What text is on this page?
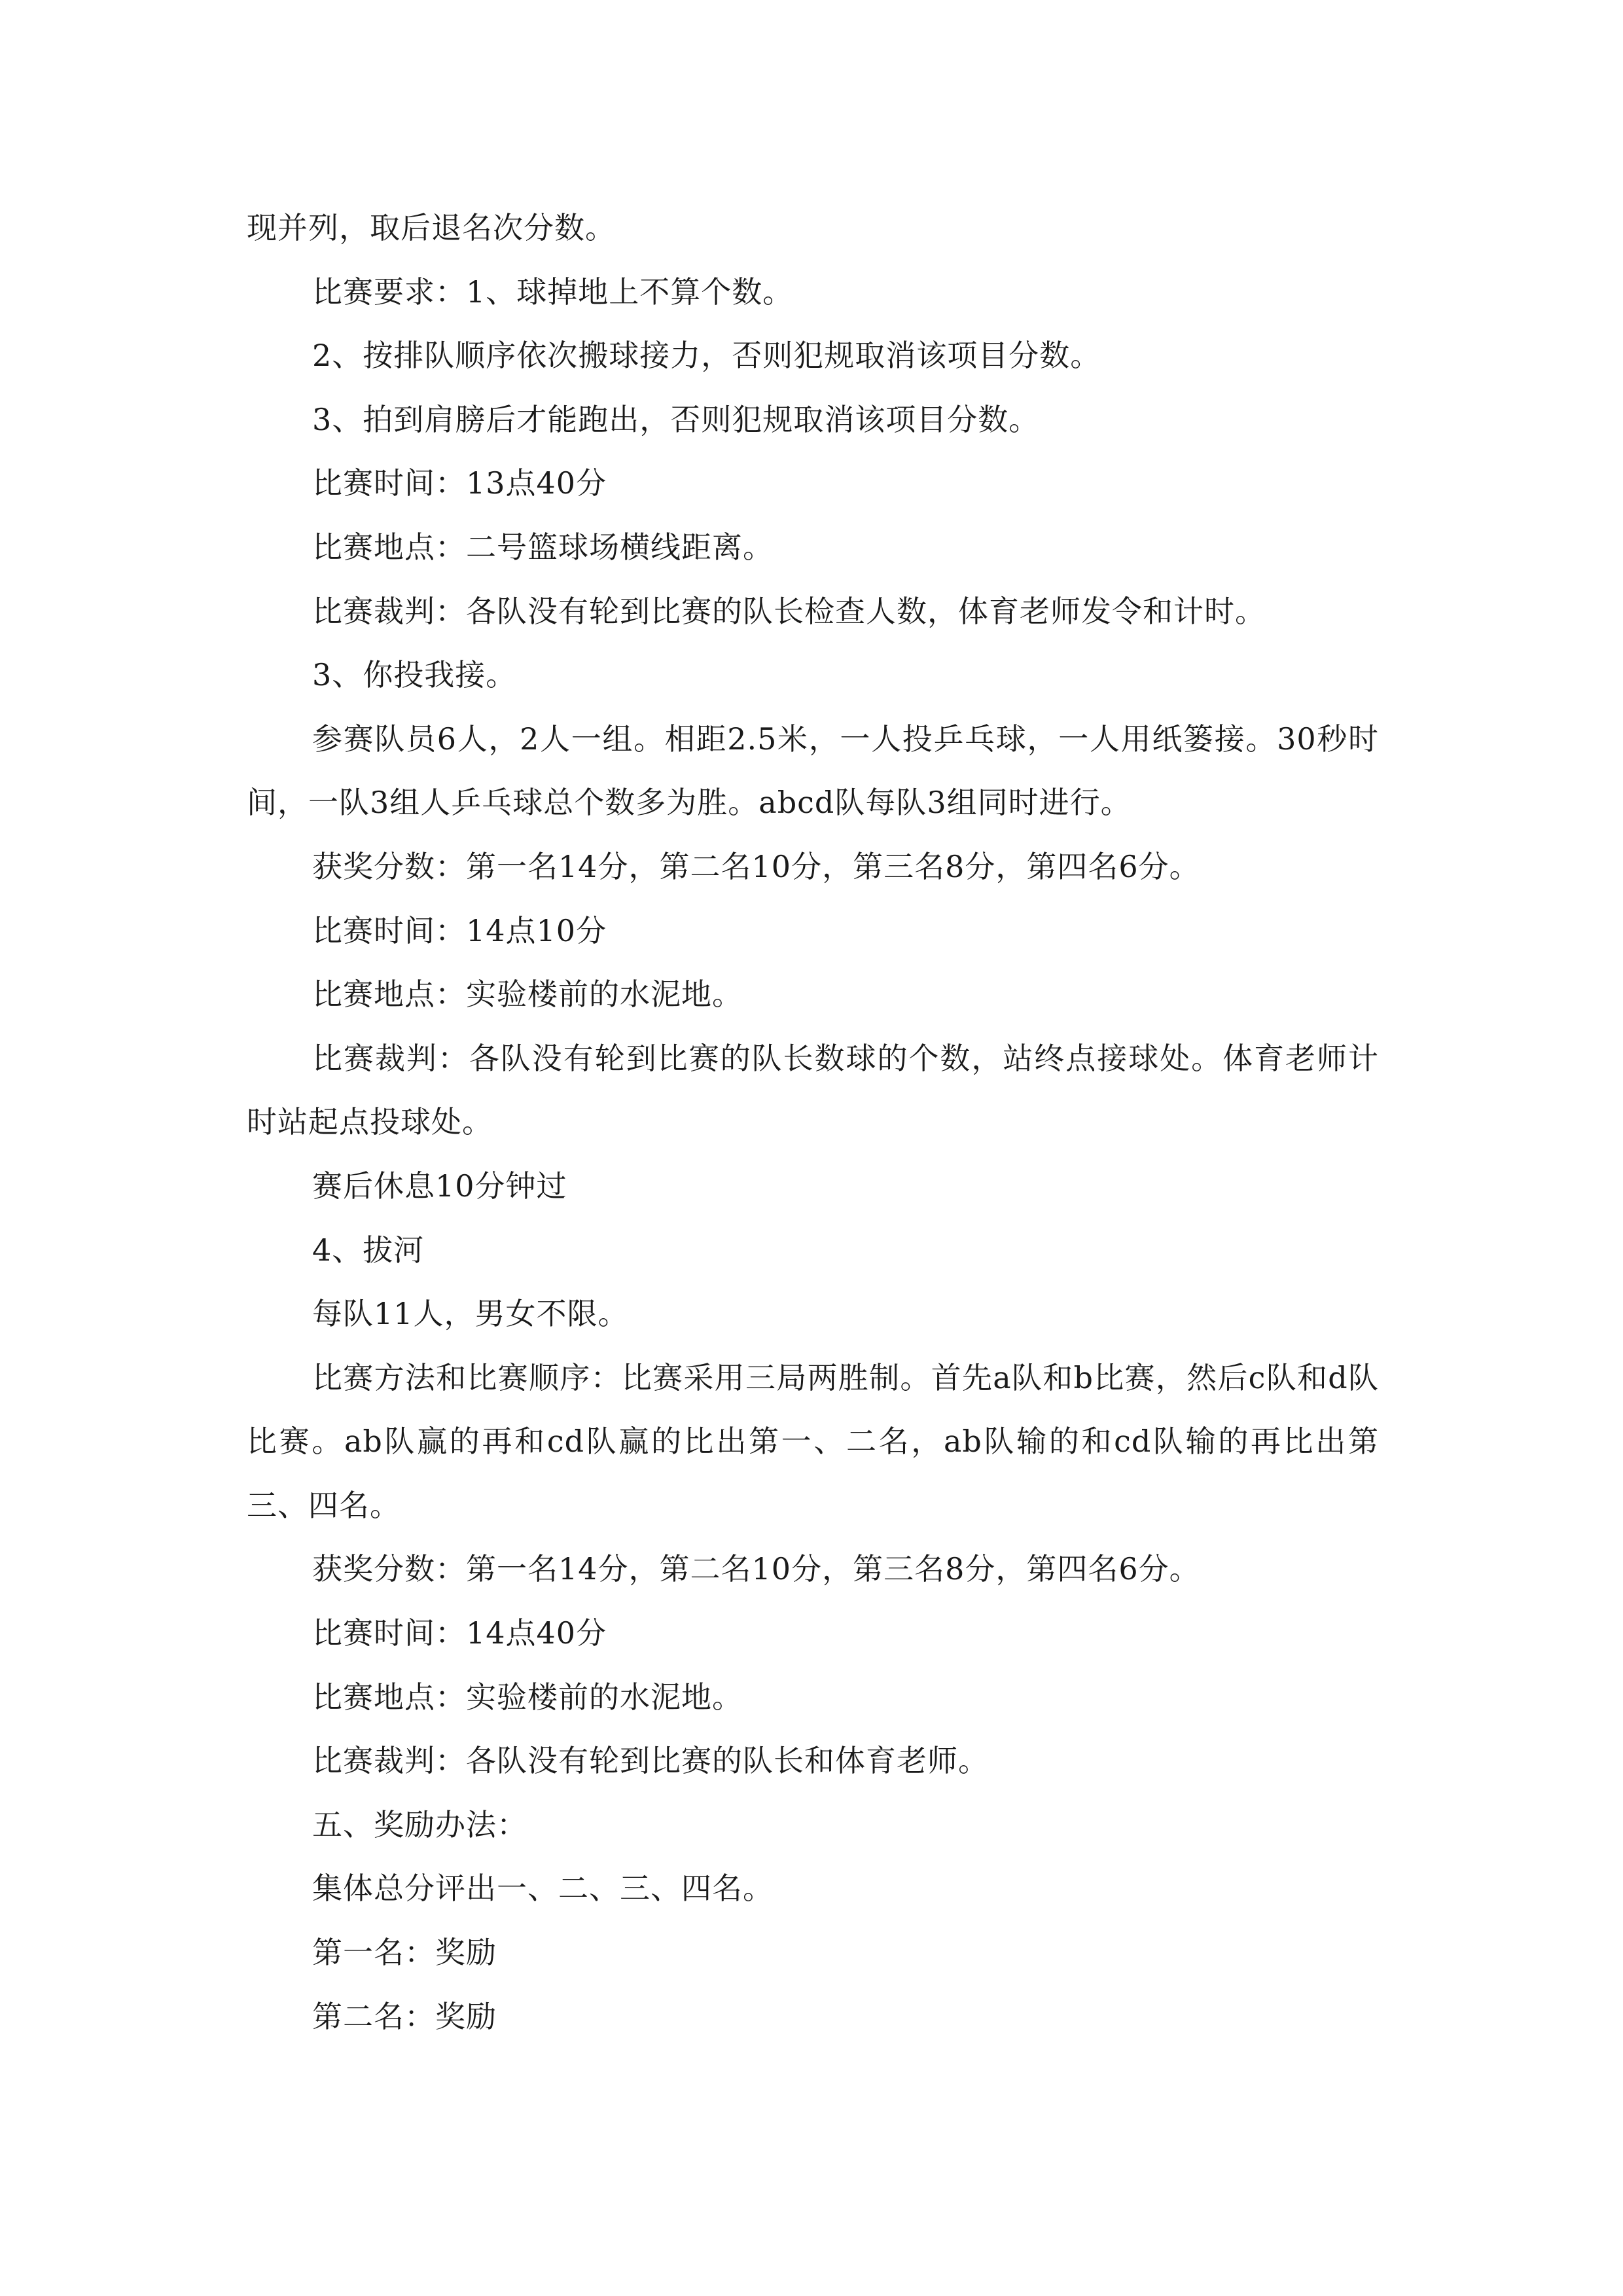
现并列，取后退名次分数。

比赛要求：1、球掉地上不算个数。

2、按排队顺序依次搬球接力，否则犯规取消该项目分数。

3、拍到肩膀后才能跑出，否则犯规取消该项目分数。

比赛时间：13点40分

比赛地点：二号篮球场横线距离。

比赛裁判：各队没有轮到比赛的队长检查人数，体育老师发令和计时。

3、你投我接。

参赛队员6人，2人一组。相距2.5米，一人投乒乓球，一人用纸篓接。30秒时间，一队3组人乒乓球总个数多为胜。abcd队每队3组同时进行。

获奖分数：第一名14分，第二名10分，第三名8分，第四名6分。

比赛时间：14点10分

比赛地点：实验楼前的水泥地。

比赛裁判：各队没有轮到比赛的队长数球的个数，站终点接球处。体育老师计时站起点投球处。

赛后休息10分钟过

4、拔河

每队11人，男女不限。

比赛方法和比赛顺序：比赛采用三局两胜制。首先a队和b比赛，然后c队和d队比赛。ab队赢的再和cd队赢的比出第一、二名，ab队输的和cd队输的再比出第三、四名。

获奖分数：第一名14分，第二名10分，第三名8分，第四名6分。

比赛时间：14点40分

比赛地点：实验楼前的水泥地。

比赛裁判：各队没有轮到比赛的队长和体育老师。

五、奖励办法：

集体总分评出一、二、三、四名。

第一名：奖励

第二名：奖励
